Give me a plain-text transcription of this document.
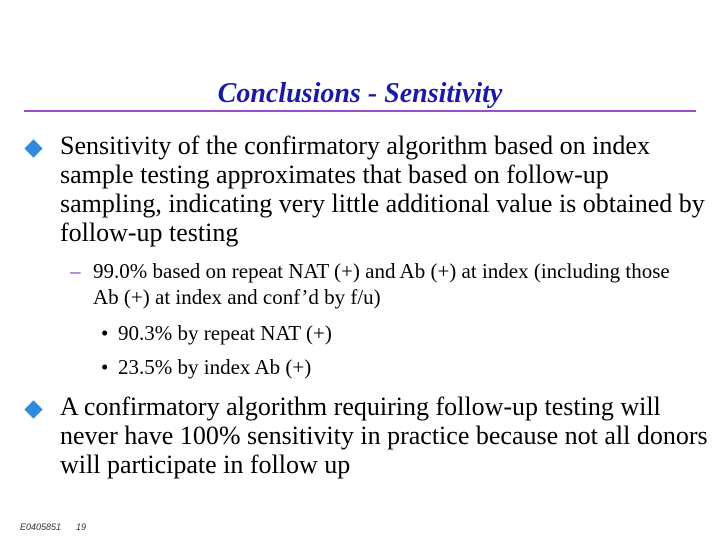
Conclusions - Sensitivity

Sensitivity of the confirmatory algorithm based on index sample testing approximates that based on follow-up sampling, indicating very little additional value is obtained by follow-up testing

– 99.0% based on repeat NAT (+) and Ab (+) at index (including those Ab (+) at index and conf’d by f/u)

• 90.3% by repeat NAT (+)

• 23.5% by index Ab (+)

A confirmatory algorithm requiring follow-up testing will never have 100% sensitivity in practice because not all donors will participate in follow up

E0405851 19
